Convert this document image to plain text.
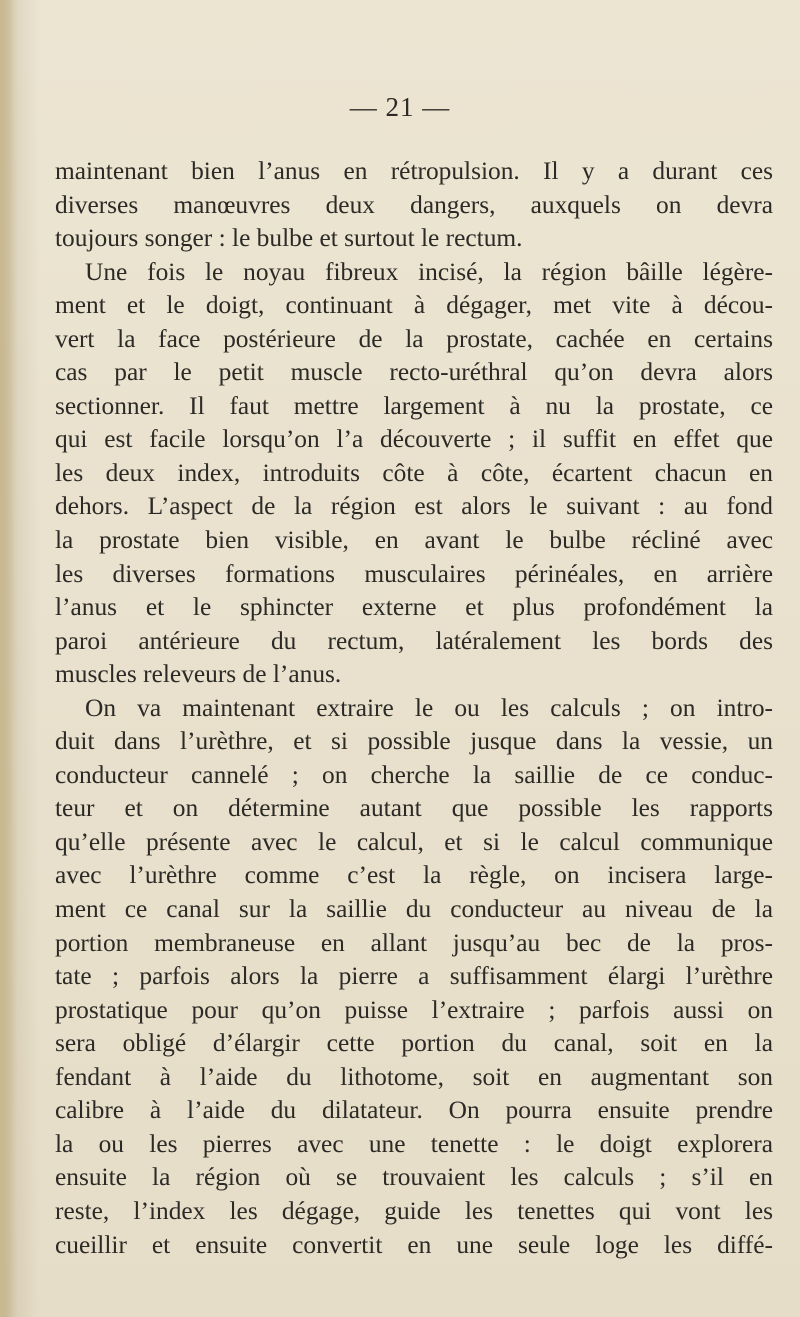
— 21 —
maintenant bien l’anus en rétropulsion. Il y a durant ces
diverses manœuvres deux dangers, auxquels on devra
toujours songer : le bulbe et surtout le rectum.
Une fois le noyau fibreux incisé, la région bâille légère-
ment et le doigt, continuant à dégager, met vite à décou-
vert la face postérieure de la prostate, cachée en certains
cas par le petit muscle recto-uréthral qu’on devra alors
sectionner. Il faut mettre largement à nu la prostate, ce
qui est facile lorsqu’on l’a découverte ; il suffit en effet que
les deux index, introduits côte à côte, écartent chacun en
dehors. L’aspect de la région est alors le suivant : au fond
la prostate bien visible, en avant le bulbe récliné avec
les diverses formations musculaires périnéales, en arrière
l’anus et le sphincter externe et plus profondément la
paroi antérieure du rectum, latéralement les bords des
muscles releveurs de l’anus.
On va maintenant extraire le ou les calculs ; on intro-
duit dans l’urèthre, et si possible jusque dans la vessie, un
conducteur cannelé ; on cherche la saillie de ce conduc-
teur et on détermine autant que possible les rapports
qu’elle présente avec le calcul, et si le calcul communique
avec l’urèthre comme c’est la règle, on incisera large-
ment ce canal sur la saillie du conducteur au niveau de la
portion membraneuse en allant jusqu’au bec de la pros-
tate ; parfois alors la pierre a suffisamment élargi l’urèthre
prostatique pour qu’on puisse l’extraire ; parfois aussi on
sera obligé d’élargir cette portion du canal, soit en la
fendant à l’aide du lithotome, soit en augmentant son
calibre à l’aide du dilatateur. On pourra ensuite prendre
la ou les pierres avec une tenette : le doigt explorera
ensuite la région où se trouvaient les calculs ; s’il en
reste, l’index les dégage, guide les tenettes qui vont les
cueillir et ensuite convertit en une seule loge les diffé-
